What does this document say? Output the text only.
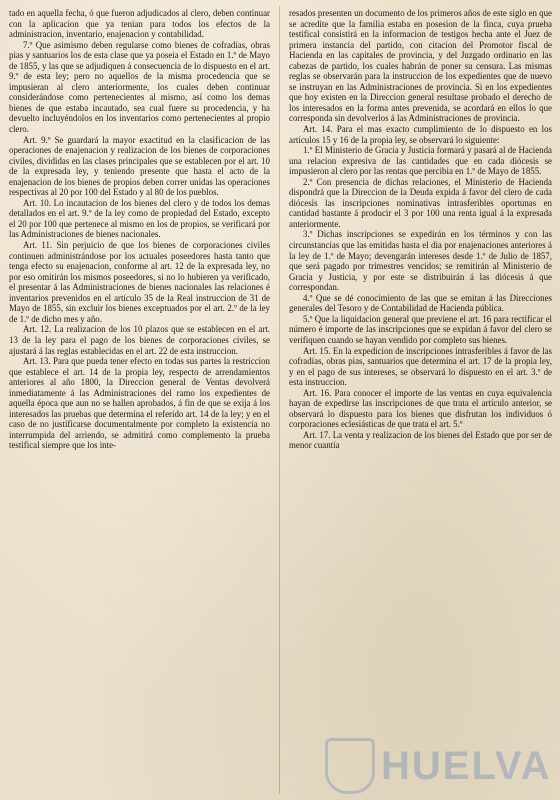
tado en aquella fecha, ó que fueron adjudicados al clero, deben continuar con la aplicacion que ya tenian para todos los efectos de la administracion, inventario, enajenacion y contabilidad.

7.º Que asimismo deben regularse como bienes de cofradías, obras pias y santuarios los de esta clase que ya poseia el Estado en 1.º de Mayo de 1855, y las que se adjudiquen á consecuencia de lo dispuesto en el art. 9.º de esta ley; pero no aquellos de la misma procedencia que se impusieran al clero anteriormente, los cuales deben continuar considerándose como pertenecientes al mismo, así como los demas bienes de que estaba incautado, sea cual fuere su procedencia, y ha devuelto incluyéndolos en los inventarios como pertenecientes al propio clero.

Art. 9.º Se guardará la mayor exactitud en la clasificacion de las operaciones de enajenacion y realizacion de los bienes de corporaciones civiles, divididas en las clases principales que se establecen por el art. 10 de la expresada ley, y teniendo presente que hasta el acto de la enajenacion de los bienes de propios deben correr unidas las operaciones respectivas al 20 por 100 del Estado y al 80 de los pueblos.

Art. 10. Lo incautacion de los bienes del clero y de todos los demas detallados en el art. 9.º de la ley como de propiedad del Estado, excepto el 20 por 100 que pertenece al mismo en los de propios, se verificará por las Administraciones de bienes nacionales.

Art. 11. Sin perjuicio de que los bienes de corporaciones civiles continuen administrándose por los actuales poseedores hasta tanto que tenga efecto su enajenacion, conforme al art. 12 de la expresada ley, no por eso omitirán los mismos poseedores, si no lo hubieren ya verificado, el presentar á las Administraciones de bienes nacionales las relaciones é inventarios prevenidos en el artículo 35 de la Real instruccion de 31 de Mayo de 1855, sin excluir los bienes exceptuados por el art. 2.º de la ley de 1.º de dicho mes y año.

Art. 12. La realizacion de los 10 plazos que se establecen en el art. 13 de la ley para el pago de los bienes de corporaciones civiles, se ajustará á las reglas establecidas en el art. 22 de esta instruccion.

Art. 13. Para que pueda tener efecto en todas sus partes la restriccion que establece el art. 14 de la propia ley, respecto de arrendamientos anteriores al año 1800, la Direccion general de Ventas devolverá inmediatamente á las Administraciones del ramo los expedientes de aquella época que aun no se hallen aprobados, á fin de que se exija á los interesados las pruebas que determina el referido art. 14 de la ley; y en el caso de no justificarse documentalmente por completo la existencia no interrumpida del arriendo, se admitirá como complemento la prueba testifical siempre que los inte-

resados presenten un documento de los primeros años de este siglo en que se acredite que la familia estaba en posesion de la finca, cuya prueba testifical consistirá en la informacion de testigos hecha ante el Juez de primera instancia del partido, con citacion del Promotor fiscal de Hacienda en las capitales de provincia, y del Juzgado ordinario en las cabezas de partido, los cuales habrán de poner su censura. Las mismas reglas se observarán para la instruccion de los expedientes que de nuevo se instruyan en las Administraciones de provincia. Si en los expedientes que hoy existen en la Direccion general resultase probado el derecho de los interesados en la forma antes prevenida, se acordará en ellos lo que corresponda sin devolverlos á las Administraciones de provincia.

Art. 14. Para el mas exacto cumplimiento de lo dispuesto en los artículos 15 y 16 de la propia ley, se observará lo siguiente:

1.º El Ministerio de Gracia y Justicia formará y pasará al de Hacienda una relacion expresiva de las cantidades que en cada diócesis se impusieron al clero por las rentas que percibia en 1.º de Mayo de 1855.

2.º Con presencia de dichas relaciones, el Ministerio de Hacienda dispondrá que la Direccion de la Deuda expida á favor del clero de cada diócesis las inscripciones nominativas intrasferibles oportunas en cantidad bastante á producir el 3 por 100 una renta igual á la expresada anteriormente.

3.º Dichas inscripciones se expedirán en los términos y con las circunstancias que las emitidas hasta el dia por enajenaciones anteriores á la ley de 1.º de Mayo; devengarán intereses desde 1.º de Julio de 1857, que será pagado por trimestres vencidos; se remitirán al Ministerio de Gracia y Justicia, y por este se distribuirán á las diócesis á que correspondan.

4.º Que se dé conocimiento de las que se emitan á las Direcciones generales del Tesoro y de Contabilidad de Hacienda pública.

5.º Que la liquidacion general que previene el art. 16 para rectificar el número é importe de las inscripciones que se expidan á favor del clero se verifiquen cuando se hayan vendido por completo sus bienes.

Art. 15. En la expedicion de inscripciones intrasferibles á favor de las cofradías, obras pias, santuarios que determina el art. 17 de la propia ley, y en el pago de sus intereses, se observará lo dispuesto en el art. 3.º de esta instruccion.

Art. 16. Para conocer el importe de las ventas en cuya equivalencia hayan de expedirse las inscripciones de que trata el artículo anterior, se observará lo dispuesto para los bienes que disfrutan los individuos ó corporaciones eclesiásticas de que trata el art. 5.º

Art. 17. La venta y realizacion de los bienes del Estado que por ser de menor cuantía

HUELVA
